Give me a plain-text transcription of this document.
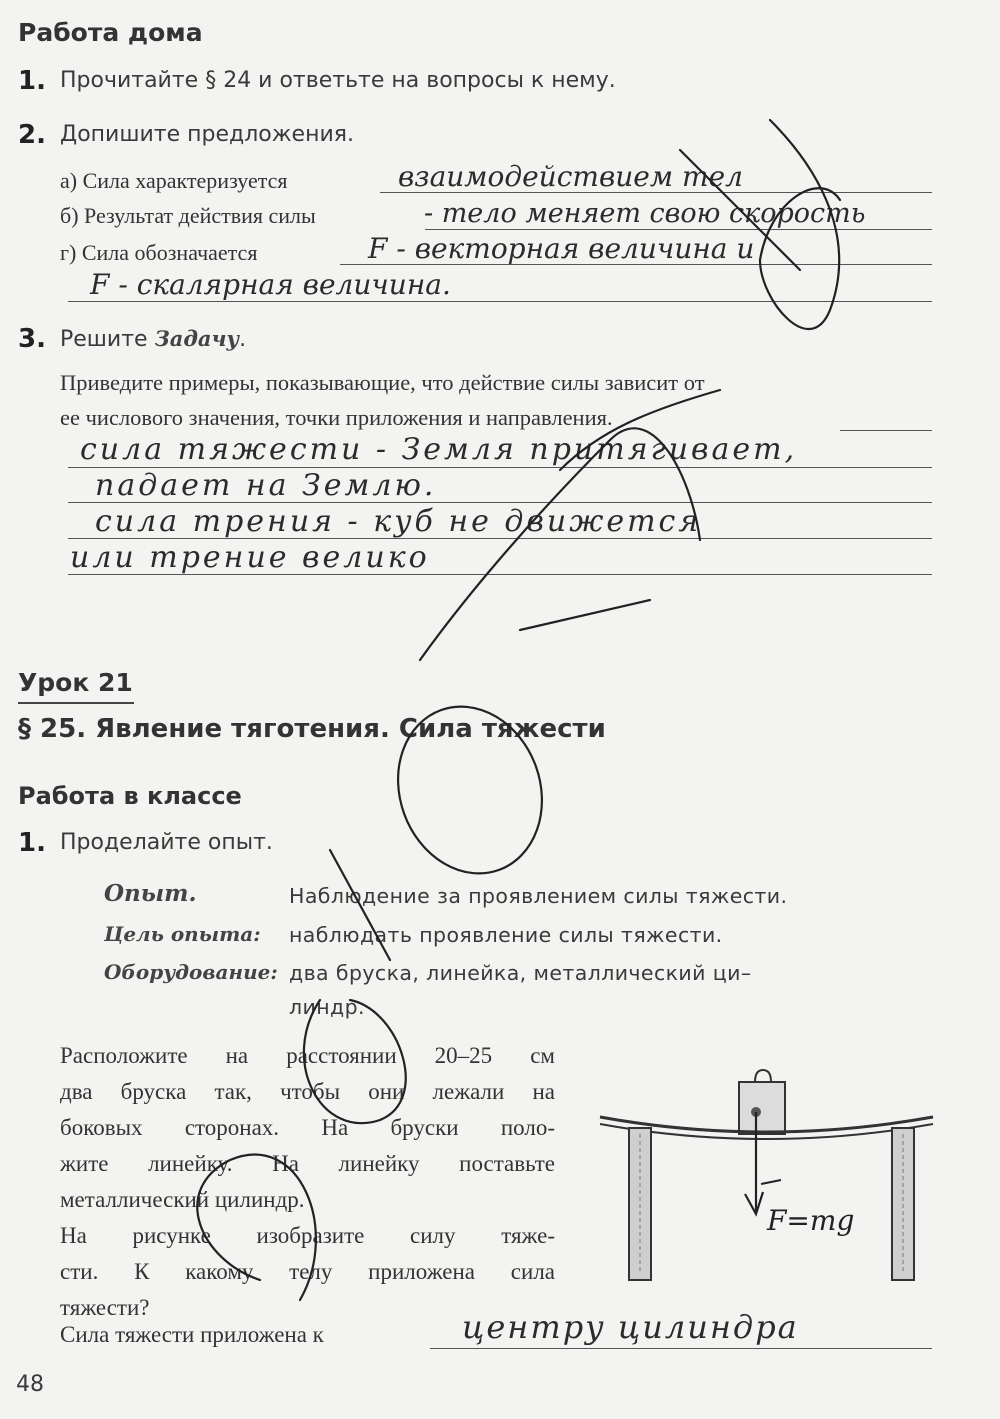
Работа дома
1. Прочитайте § 24 и ответьте на вопросы к нему.
2. Допишите предложения.
а) Сила характеризуется	взаимодействием тел
б) Результат действия силы	- тело меняет свою скорость
г) Сила обозначается	F - векторная величина и
F - скалярная величина.
3. Решите Задачу.
Приведите примеры, показывающие, что действие силы зависит от
ее числового значения, точки приложения и направления.
сила тяжести - Земля притягивает,
падает на Землю.
сила трения - куб не движется
или трение велико
Урок 21
§ 25. Явление тяготения. Сила тяжести
Работа в классе
1. Проделайте опыт.
Опыт.	Наблюдение за проявлением силы тяжести.
Цель опыта: наблюдать проявление силы тяжести.
Оборудование: два бруска, линейка, металлический ци–
линдр.
Расположите на расстоянии 20–25 см
два бруска так, чтобы они лежали на
боковых сторонах. На бруски поло-
жите линейку. На линейку поставьте
металлический цилиндр.
На рисунке изобразите силу тяже-
сти. К какому телу приложена сила
тяжести?
Сила тяжести приложена к	центру цилиндра
F=mg
48
